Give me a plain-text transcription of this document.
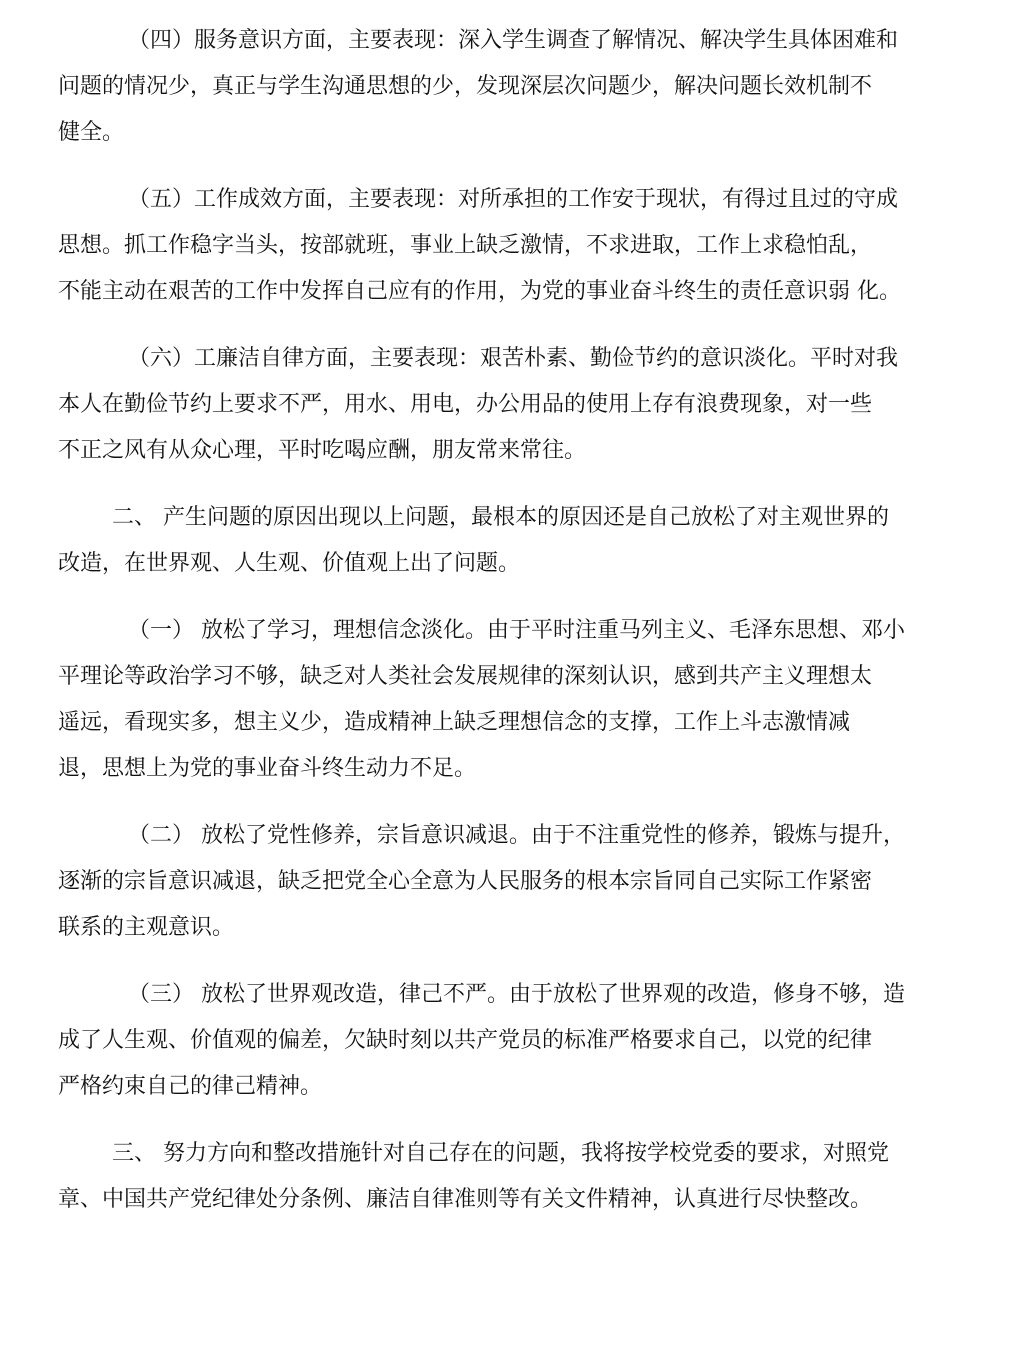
（四）服务意识方面，主要表现：深入学生调查了解情况、解决学生具体困难和
问题的情况少，真正与学生沟通思想的少，发现深层次问题少，解决问题长效机制不
健全。
（五）工作成效方面，主要表现：对所承担的工作安于现状，有得过且过的守成
思想。抓工作稳字当头，按部就班，事业上缺乏激情，不求进取，工作上求稳怕乱，
不能主动在艰苦的工作中发挥自己应有的作用，为党的事业奋斗终生的责任意识弱 化。
（六）工廉洁自律方面，主要表现：艰苦朴素、勤俭节约的意识淡化。平时对我
本人在勤俭节约上要求不严，用水、用电，办公用品的使用上存有浪费现象，对一些
不正之风有从众心理，平时吃喝应酬，朋友常来常往。
二、 产生问题的原因出现以上问题，最根本的原因还是自己放松了对主观世界的
改造，在世界观、人生观、价值观上出了问题。
（一） 放松了学习，理想信念淡化。由于平时注重马列主义、毛泽东思想、邓小
平理论等政治学习不够，缺乏对人类社会发展规律的深刻认识，感到共产主义理想太
遥远，看现实多，想主义少，造成精神上缺乏理想信念的支撑，工作上斗志激情减
退，思想上为党的事业奋斗终生动力不足。
（二） 放松了党性修养，宗旨意识减退。由于不注重党性的修养，锻炼与提升，
逐渐的宗旨意识减退，缺乏把党全心全意为人民服务的根本宗旨同自己实际工作紧密
联系的主观意识。
（三） 放松了世界观改造，律己不严。由于放松了世界观的改造，修身不够，造
成了人生观、价值观的偏差，欠缺时刻以共产党员的标准严格要求自己，以党的纪律
严格约束自己的律己精神。
三、 努力方向和整改措施针对自己存在的问题，我将按学校党委的要求，对照党
章、中国共产党纪律处分条例、廉洁自律准则等有关文件精神，认真进行尽快整改。
